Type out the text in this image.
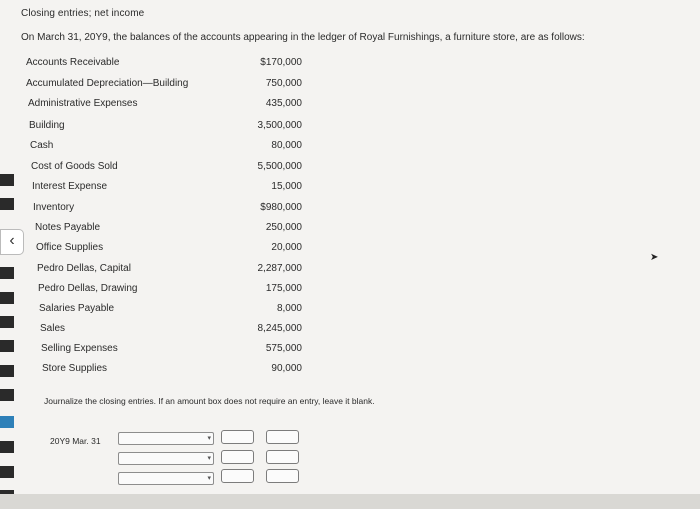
Closing entries; net income
On March 31, 20Y9, the balances of the accounts appearing in the ledger of Royal Furnishings, a furniture store, are as follows:
Accounts Receivable	$170,000
Accumulated Depreciation—Building	750,000
Administrative Expenses	435,000
Building	3,500,000
Cash	80,000
Cost of Goods Sold	5,500,000
Interest Expense	15,000
Inventory	$980,000
Notes Payable	250,000
Office Supplies	20,000
Pedro Dellas, Capital	2,287,000
Pedro Dellas, Drawing	175,000
Salaries Payable	8,000
Sales	8,245,000
Selling Expenses	575,000
Store Supplies	90,000
Journalize the closing entries. If an amount box does not require an entry, leave it blank.
20Y9 Mar. 31	▾
▾
▾
‹
➤
